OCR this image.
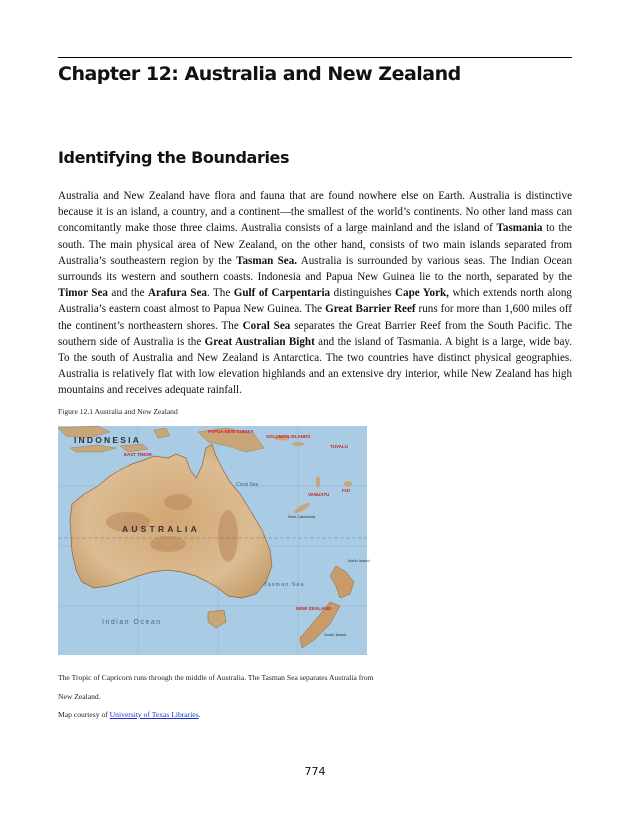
Chapter 12: Australia and New Zealand
Identifying the Boundaries

Australia and New Zealand have flora and fauna that are found nowhere else on Earth. Australia is distinctive because it is an island, a country, and a continent—the smallest of the world’s continents. No other land mass can concomitantly make those three claims. Australia consists of a large mainland and the island of Tasmania to the south. The main physical area of New Zealand, on the other hand, consists of two main islands separated from Australia’s southeastern region by the Tasman Sea. Australia is surrounded by various seas. The Indian Ocean surrounds its western and southern coasts. Indonesia and Papua New Guinea lie to the north, separated by the Timor Sea and the Arafura Sea. The Gulf of Carpentaria distinguishes Cape York, which extends north along Australia’s eastern coast almost to Papua New Guinea. The Great Barrier Reef runs for more than 1,600 miles off the continent’s northeastern shores. The Coral Sea separates the Great Barrier Reef from the South Pacific. The southern side of Australia is the Great Australian Bight and the island of Tasmania. A bight is a large, wide bay. To the south of Australia and New Zealand is Antarctica. The two countries have distinct physical geographies. Australia is relatively flat with low elevation highlands and an extensive dry interior, while New Zealand has high mountains and receives adequate rainfall.

Figure 12.1 Australia and New Zealand

INDONESIA
PAPUA NEW GUINEA
SOLOMON ISLANDS
EAST TIMOR
AUSTRALIA
VANUATU
FIJI
New Caledonia
Coral Sea
Tasman Sea
Indian Ocean
NEW ZEALAND
North Island
South Island
TUVALU

The Tropic of Capricorn runs through the middle of Australia. The Tasman Sea separates Australia from New Zealand.

Map courtesy of University of Texas Libraries.

774
